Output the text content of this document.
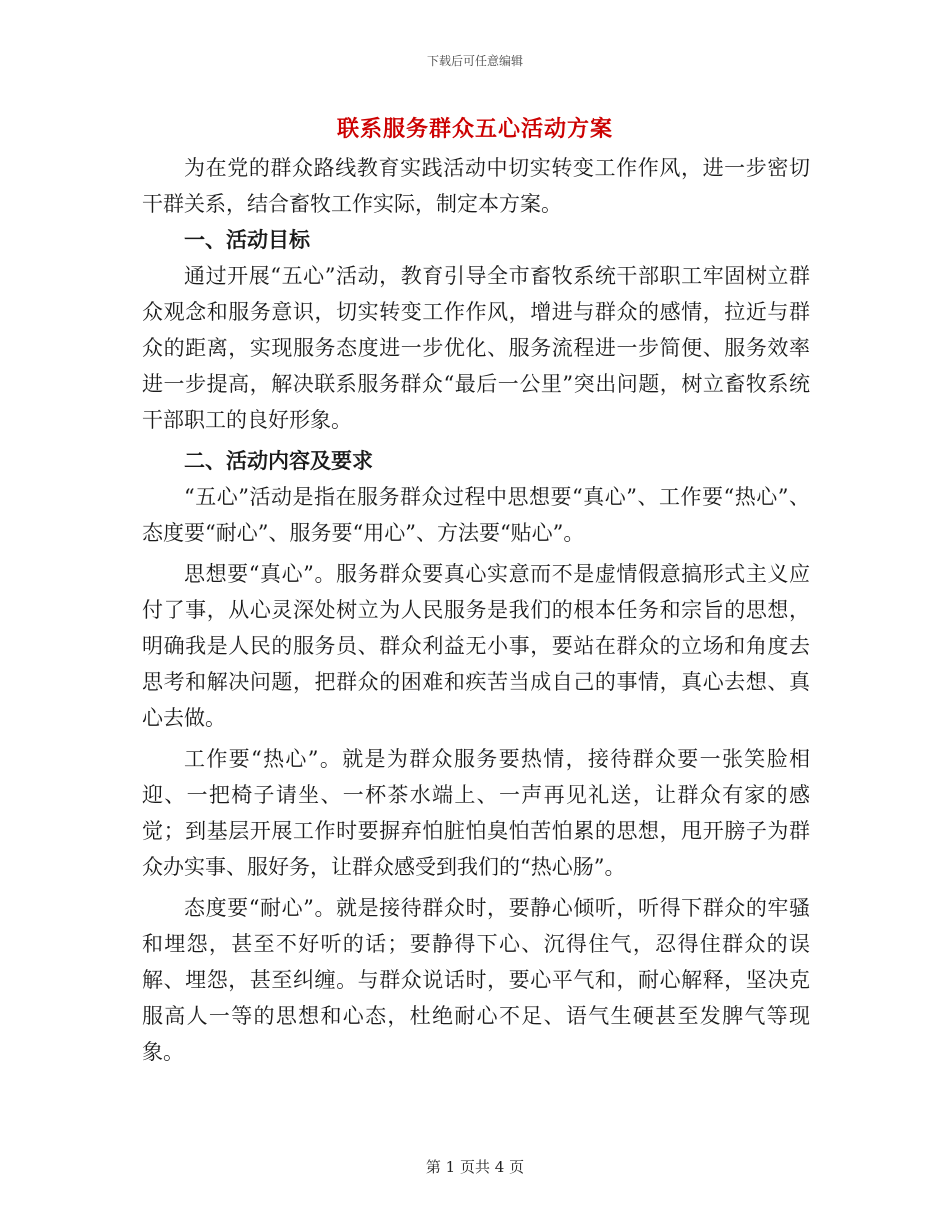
下载后可任意编辑
联系服务群众五心活动方案

为在党的群众路线教育实践活动中切实转变工作作风，进一步密切干群关系，结合畜牧工作实际，制定本方案。

一、活动目标

通过开展“五心”活动，教育引导全市畜牧系统干部职工牢固树立群众观念和服务意识，切实转变工作作风，增进与群众的感情，拉近与群众的距离，实现服务态度进一步优化、服务流程进一步简便、服务效率进一步提高，解决联系服务群众“最后一公里”突出问题，树立畜牧系统干部职工的良好形象。

二、活动内容及要求

“五心”活动是指在服务群众过程中思想要“真心”、工作要“热心”、态度要“耐心”、服务要“用心”、方法要“贴心”。

思想要“真心”。服务群众要真心实意而不是虚情假意搞形式主义应付了事，从心灵深处树立为人民服务是我们的根本任务和宗旨的思想，明确我是人民的服务员、群众利益无小事，要站在群众的立场和角度去思考和解决问题，把群众的困难和疾苦当成自己的事情，真心去想、真心去做。

工作要“热心”。就是为群众服务要热情，接待群众要一张笑脸相迎、一把椅子请坐、一杯茶水端上、一声再见礼送，让群众有家的感觉；到基层开展工作时要摒弃怕脏怕臭怕苦怕累的思想，甩开膀子为群众办实事、服好务，让群众感受到我们的“热心肠”。

态度要“耐心”。就是接待群众时，要静心倾听，听得下群众的牢骚和埋怨，甚至不好听的话；要静得下心、沉得住气，忍得住群众的误解、埋怨，甚至纠缠。与群众说话时，要心平气和，耐心解释，坚决克服高人一等的思想和心态，杜绝耐心不足、语气生硬甚至发脾气等现象。

第 1 页共 4 页
